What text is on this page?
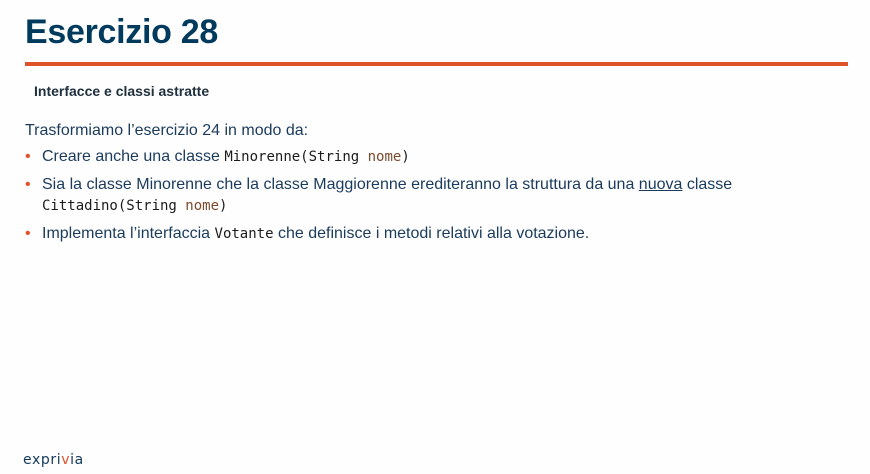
Esercizio 28
Interfacce e classi astratte

Trasformiamo l’esercizio 24 in modo da:

• Creare anche una classe Minorenne(String nome)
• Sia la classe Minorenne che la classe Maggiorenne erediteranno la struttura da una nuova classe
Cittadino(String nome)
• Implementa l’interfaccia Votante che definisce i metodi relativi alla votazione.
exprivia
